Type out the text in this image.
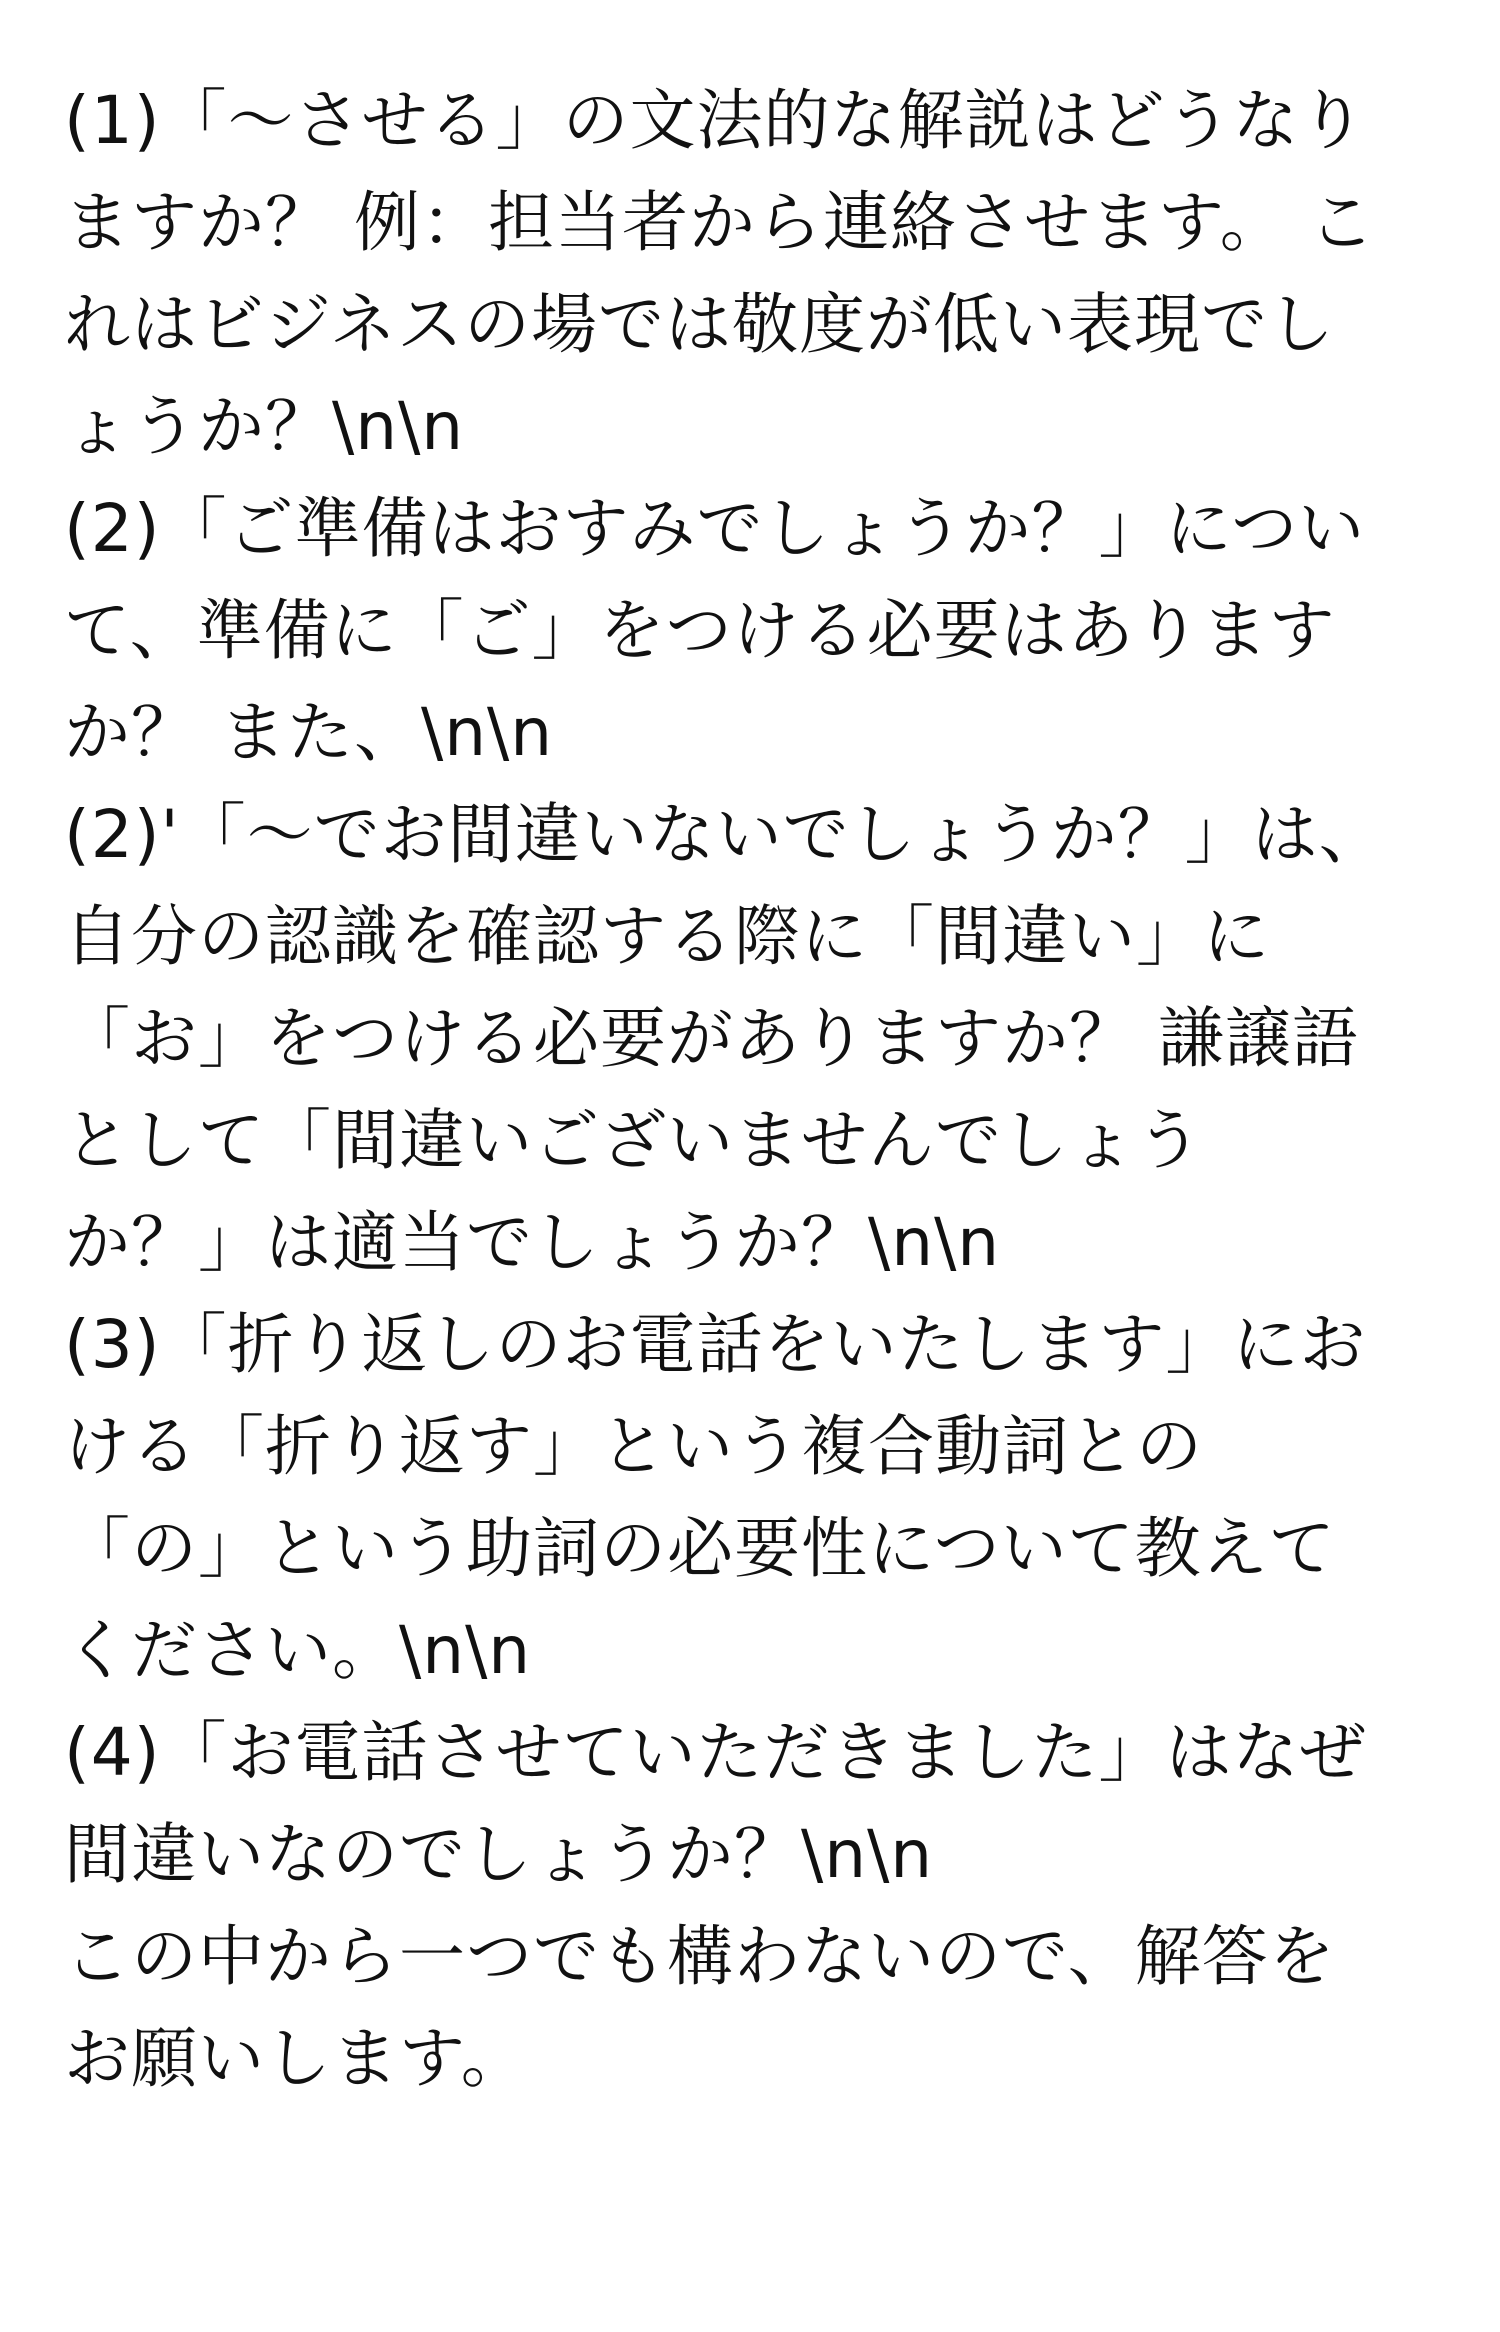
(1)「～させる」の文法的な解説はどうなり
ますか？ 例：担当者から連絡させます。 こ
れはビジネスの場では敬度が低い表現でし
ょうか？\n\n
(2)「ご準備はおすみでしょうか？」につい
て、準備に「ご」をつける必要はあります
か？ また、\n\n
(2)'「～でお間違いないでしょうか？」は、
自分の認識を確認する際に「間違い」に
「お」をつける必要がありますか？ 謙譲語
として「間違いございませんでしょう
か？」は適当でしょうか？\n\n
(3)「折り返しのお電話をいたします」にお
ける「折り返す」という複合動詞との
「の」という助詞の必要性について教えて
ください。\n\n
(4)「お電話させていただきました」はなぜ
間違いなのでしょうか？\n\n
この中から一つでも構わないので、解答を
お願いします。
